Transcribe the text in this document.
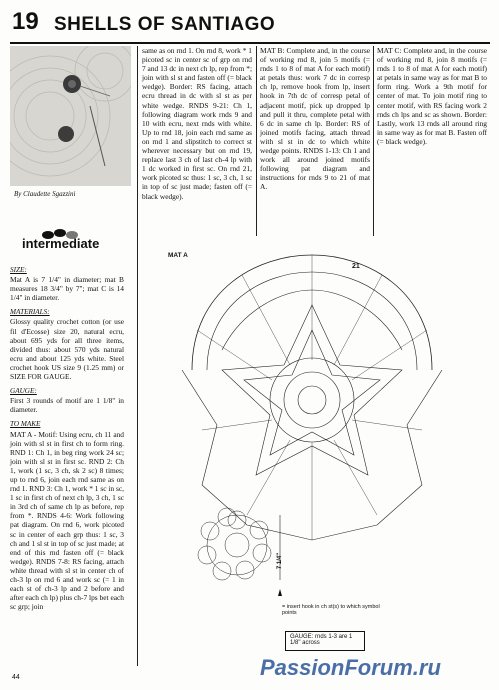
19 SHELLS OF SANTIAGO
By Claudette Sgazzini
intermediate

SIZE:
Mat A is 7 1/4" in diameter; mat B measures 18 3/4" by 7"; mat C is 14 1/4" in diameter.

MATERIALS:
Glossy quality crochet cotton (or use fil d'Ecosse) size 20, natural ecru, about 695 yds for all three items, divided thus: about 570 yds natural ecru and about 125 yds white. Steel crochet hook US size 9 (1.25 mm) or SIZE FOR GAUGE.

GAUGE:
First 3 rounds of motif are 1 1/8" in diameter.

TO MAKE
MAT A - Motif: Using ecru, ch 11 and join with sl st in first ch to form ring. RND 1: Ch 1, in beg ring work 24 sc; join with sl st in first sc. RND 2: Ch 1, work (1 sc, 3 ch, sk 2 sc) 8 times; up to rnd 6, join each rnd same as on rnd 1. RND 3: Ch 1, work * 1 sc in sc, 1 sc in first ch of next ch lp, 3 ch, 1 sc in 3rd ch of same ch lp as before, rep from *. RNDS 4-6: Work following pat diagram. On rnd 6, work picoted sc in center of each grp thus: 1 sc, 3 ch and 1 sl st in top of sc just made; at end of this rnd fasten off (= black wedge). RNDS 7-8: RS facing, attach white thread with sl st in center ch of ch-3 lp on rnd 6 and work sc (= 1 in each st of ch-3 lp and 2 before and after each ch lp) plus ch-7 lps bet each sc grp; join

same as on rnd 1. On rnd 8, work * 1 picoted sc in center sc of grp on rnd 7 and 13 dc in next ch lp, rep from *; join with sl st and fasten off (= black wedge). Border: RS facing, attach ecru thread in dc with sl st as per white wedge. RNDS 9-21: Ch 1, following diagram work rnds 9 and 10 with ecru, next rnds with white. Up to rnd 18, join each rnd same as on rnd 1 and slipstitch to correct st wherever necessary but on rnd 19, replace last 3 ch of last ch-4 lp with 1 dc worked in first sc. On rnd 21, work picoted sc thus: 1 sc, 3 ch, 1 sc in top of sc just made; fasten off (= black wedge).
MAT B: Complete and, in the course of working rnd 8, join 5 motifs (= rnds 1 to 8 of mat A for each motif) at petals thus: work 7 dc in corresp ch lp, remove hook from lp, insert hook in 7th dc of corresp petal of adjacent motif, pick up dropped lp and pull it thru, complete petal with 6 dc in same ch lp. Border: RS of joined motifs facing, attach thread with sl st in dc to which white wedge points. RNDS 1-13: Ch 1 and work all around joined motifs following pat diagram and instructions for rnds 9 to 21 of mat A.
MAT C: Complete and, in the course of working rnd 8, join 8 motifs (= rnds 1 to 8 of mat A for each motif) at petals in same way as for mat B to form ring. Work a 9th motif for center of mat. To join motif ring to center motif, with RS facing work 2 rnds ch lps and sc as shown. Border: Lastly, work 13 rnds all around ring in same way as for mat B. Fasten off (= black wedge).
MAT A
21
7 1/4"
= insert hook in ch st(s) to which symbol points
GAUGE: rnds 1-3 are 1 1/8" across
44	PassionForum.ru
